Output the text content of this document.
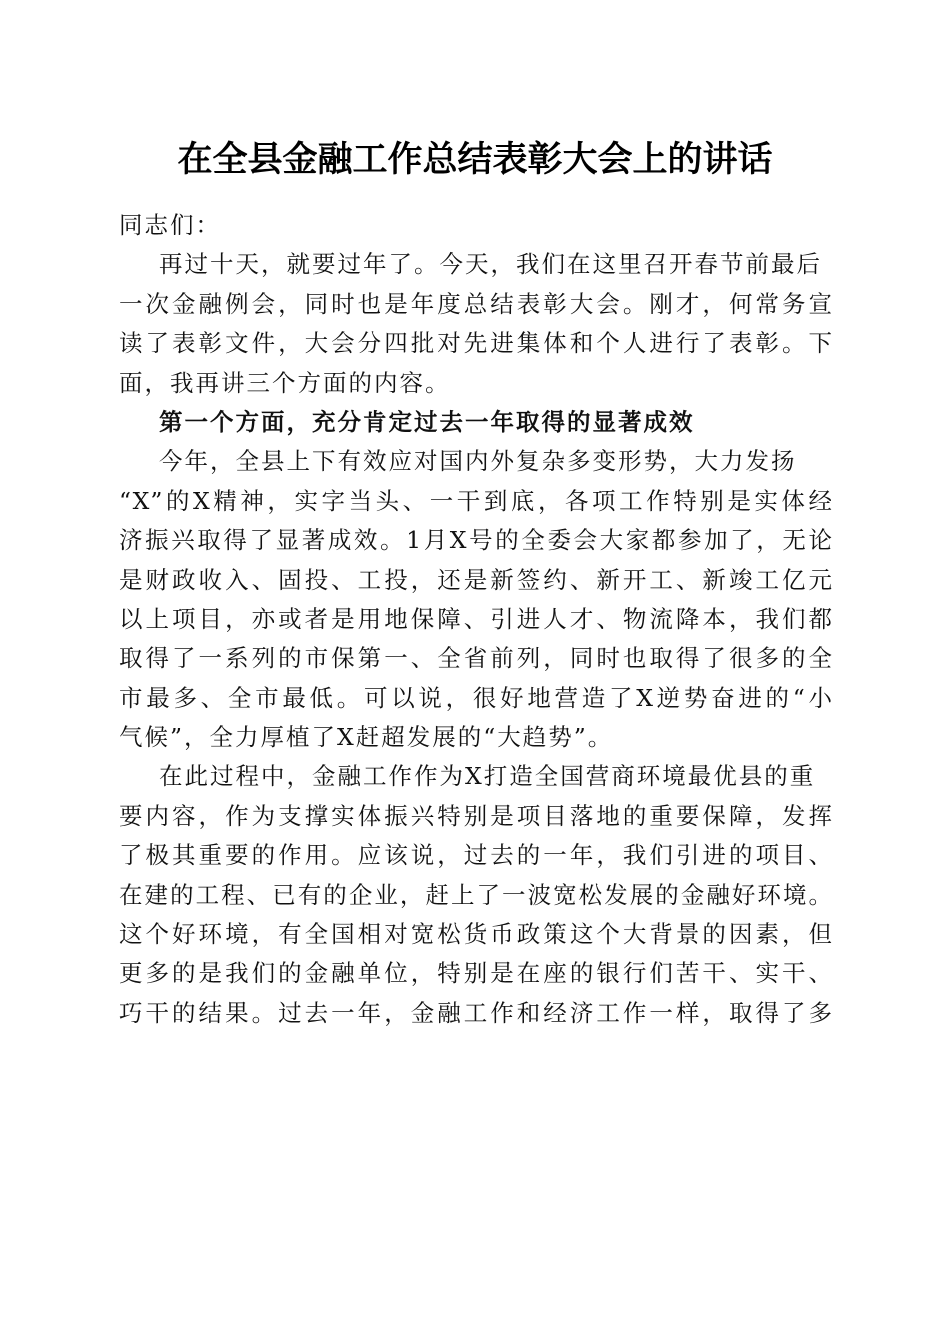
在全县金融工作总结表彰大会上的讲话
同志们：
再过十天，就要过年了。今天，我们在这里召开春节前最后
一次金融例会，同时也是年度总结表彰大会。刚才，何常务宣
读了表彰文件，大会分四批对先进集体和个人进行了表彰。下
面，我再讲三个方面的内容。
第一个方面，充分肯定过去一年取得的显著成效
今年，全县上下有效应对国内外复杂多变形势，大力发扬
“X”的X精神，实字当头、一干到底，各项工作特别是实体经
济振兴取得了显著成效。1月X号的全委会大家都参加了，无论
是财政收入、固投、工投，还是新签约、新开工、新竣工亿元
以上项目，亦或者是用地保障、引进人才、物流降本，我们都
取得了一系列的市保第一、全省前列，同时也取得了很多的全
市最多、全市最低。可以说，很好地营造了X逆势奋进的“小
气候”，全力厚植了X赶超发展的“大趋势”。
在此过程中，金融工作作为X打造全国营商环境最优县的重
要内容，作为支撑实体振兴特别是项目落地的重要保障，发挥
了极其重要的作用。应该说，过去的一年，我们引进的项目、
在建的工程、已有的企业，赶上了一波宽松发展的金融好环境。
这个好环境，有全国相对宽松货币政策这个大背景的因素，但
更多的是我们的金融单位，特别是在座的银行们苦干、实干、
巧干的结果。过去一年，金融工作和经济工作一样，取得了多
